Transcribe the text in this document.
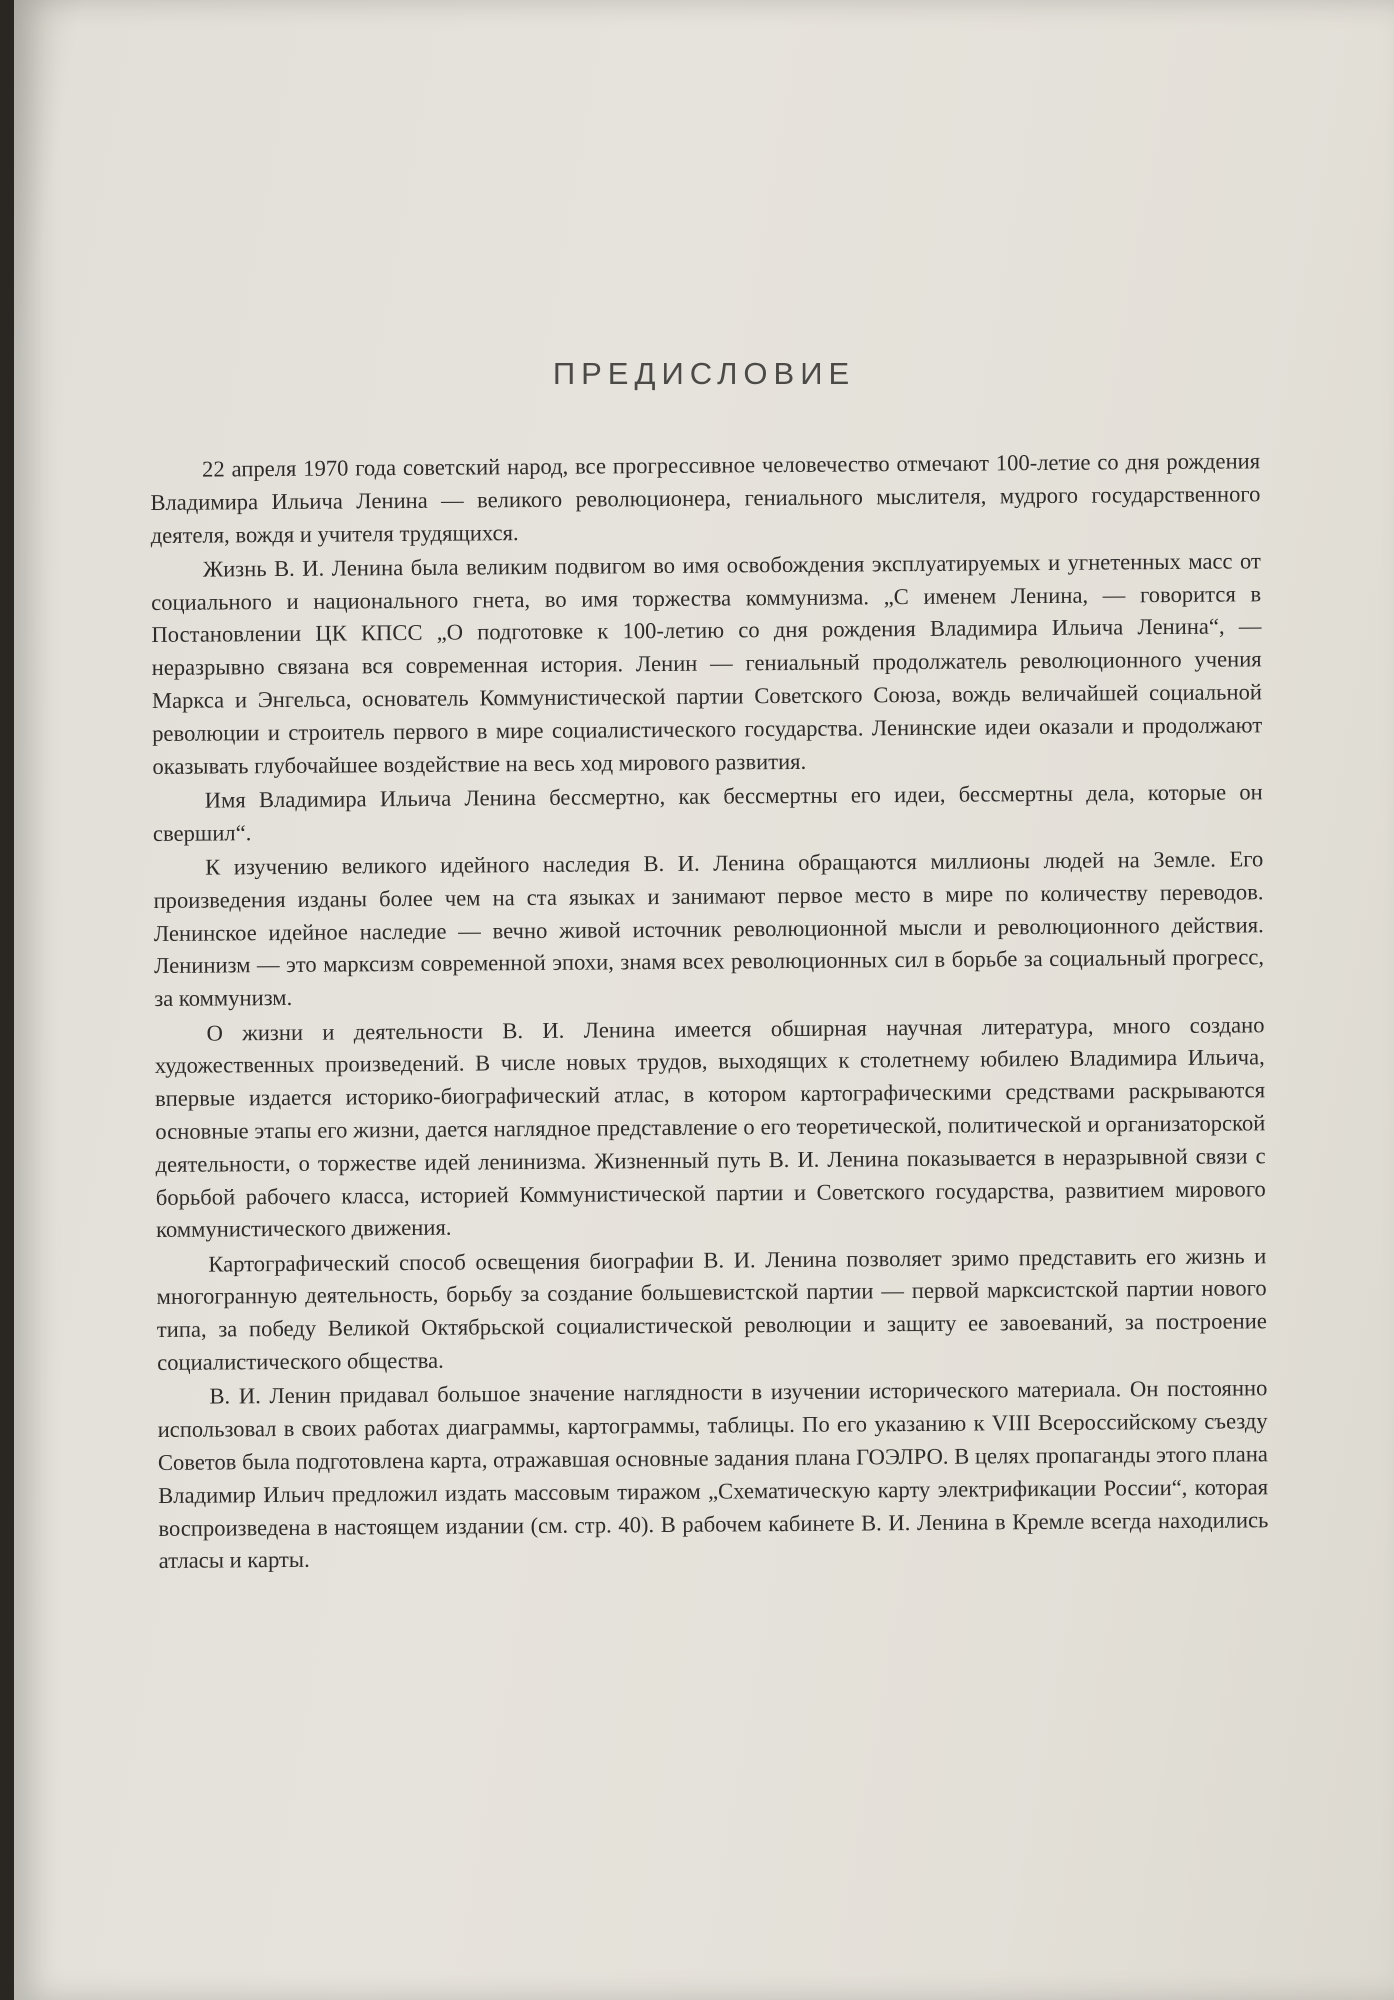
ПРЕДИСЛОВИЕ

22 апреля 1970 года советский народ, все прогрессивное человечество отмечают 100-летие со дня рождения Владимира Ильича Ленина — великого революционера, гениального мыслителя, мудрого государственного деятеля, вождя и учителя трудящихся.

Жизнь В. И. Ленина была великим подвигом во имя освобождения эксплуатируемых и угнетенных масс от социального и национального гнета, во имя торжества коммунизма. „С именем Ленина, — говорится в Постановлении ЦК КПСС „О подготовке к 100-летию со дня рождения Владимира Ильича Ленина“, — неразрывно связана вся современная история. Ленин — гениальный продолжатель революционного учения Маркса и Энгельса, основатель Коммунистической партии Советского Союза, вождь величайшей социальной революции и строитель первого в мире социалистического государства. Ленинские идеи оказали и продолжают оказывать глубочайшее воздействие на весь ход мирового развития.

Имя Владимира Ильича Ленина бессмертно, как бессмертны его идеи, бессмертны дела, которые он свершил“.

К изучению великого идейного наследия В. И. Ленина обращаются миллионы людей на Земле. Его произведения изданы более чем на ста языках и занимают первое место в мире по количеству переводов. Ленинское идейное наследие — вечно живой источник революционной мысли и революционного действия. Ленинизм — это марксизм современной эпохи, знамя всех революционных сил в борьбе за социальный прогресс, за коммунизм.

О жизни и деятельности В. И. Ленина имеется обширная научная литература, много создано художественных произведений. В числе новых трудов, выходящих к столетнему юбилею Владимира Ильича, впервые издается историко-биографический атлас, в котором картографическими средствами раскрываются основные этапы его жизни, дается наглядное представление о его теоретической, политической и организаторской деятельности, о торжестве идей ленинизма. Жизненный путь В. И. Ленина показывается в неразрывной связи с борьбой рабочего класса, историей Коммунистической партии и Советского государства, развитием мирового коммунистического движения.

Картографический способ освещения биографии В. И. Ленина позволяет зримо представить его жизнь и многогранную деятельность, борьбу за создание большевистской партии — первой марксистской партии нового типа, за победу Великой Октябрьской социалистической революции и защиту ее завоеваний, за построение социалистического общества.

В. И. Ленин придавал большое значение наглядности в изучении исторического материала. Он постоянно использовал в своих работах диаграммы, картограммы, таблицы. По его указанию к VIII Всероссийскому съезду Советов была подготовлена карта, отражавшая основные задания плана ГОЭЛРО. В целях пропаганды этого плана Владимир Ильич предложил издать массовым тиражом „Схематическую карту электрификации России“, которая воспроизведена в настоящем издании (см. стр. 40). В рабочем кабинете В. И. Ленина в Кремле всегда находились атласы и карты.
